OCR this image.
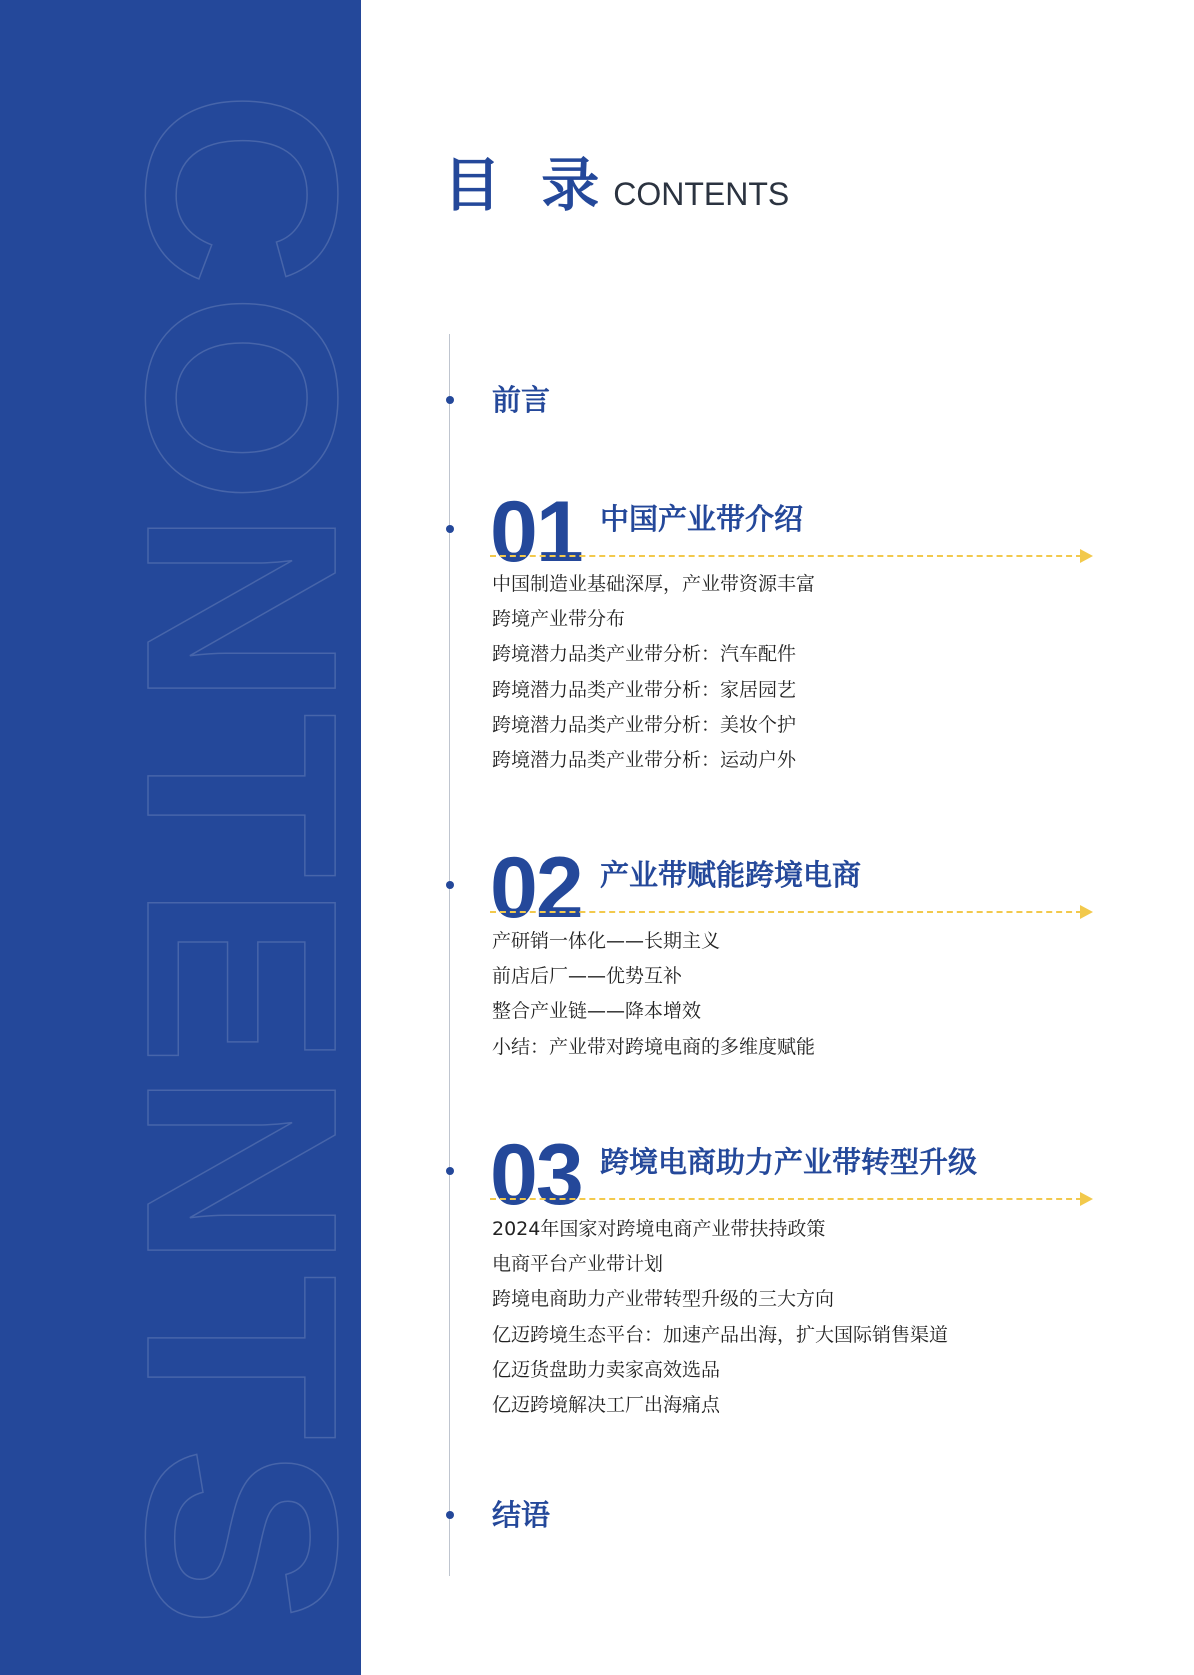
CONTENTS 目 录 CONTENTS
前言
01 中国产业带介绍
中国制造业基础深厚，产业带资源丰富
跨境产业带分布
跨境潜力品类产业带分析：汽车配件
跨境潜力品类产业带分析：家居园艺
跨境潜力品类产业带分析：美妆个护
跨境潜力品类产业带分析：运动户外
02 产业带赋能跨境电商
产研销一体化——长期主义
前店后厂——优势互补
整合产业链——降本增效
小结：产业带对跨境电商的多维度赋能
03 跨境电商助力产业带转型升级
2024年国家对跨境电商产业带扶持政策
电商平台产业带计划
跨境电商助力产业带转型升级的三大方向
亿迈跨境生态平台：加速产品出海，扩大国际销售渠道
亿迈货盘助力卖家高效选品
亿迈跨境解决工厂出海痛点
结语
